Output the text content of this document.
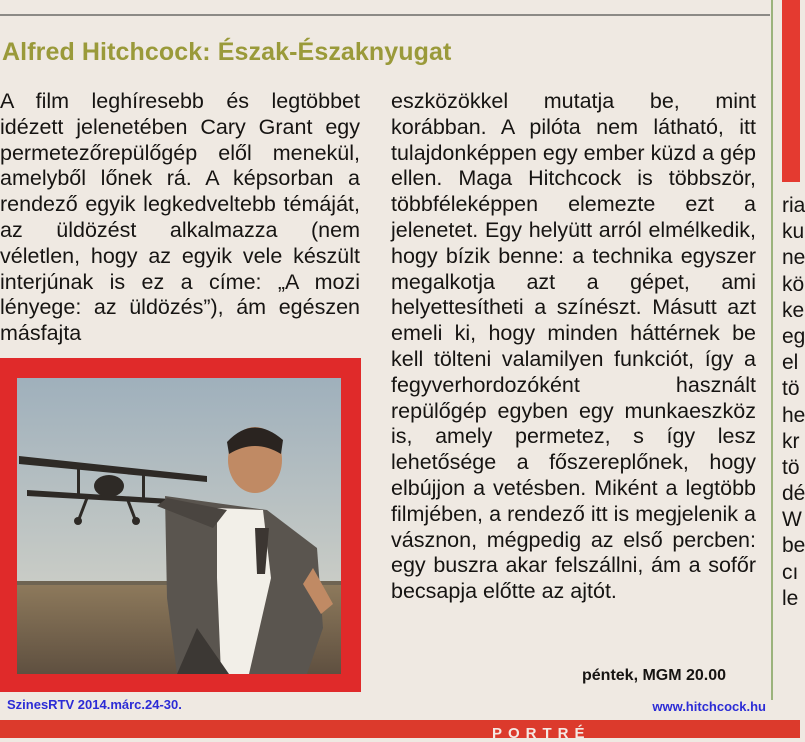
Alfred Hitchcock: Észak-Északnyugat

A film leghíresebb és legtöbbet idézett jelenetében Cary Grant egy permetezőrepülőgép elől menekül, amelyből lőnek rá. A képsorban a rendező egyik legkedveltebb témáját, az üldözést alkalmazza (nem véletlen, hogy az egyik vele készült interjúnak is ez a címe: „A mozi lényege: az üldözés”), ám egészen másfajta

eszközökkel mutatja be, mint korábban. A pilóta nem látható, itt tulajdonképpen egy ember küzd a gép ellen. Maga Hitchcock is többször, többféleképpen elemezte ezt a jelenetet. Egy helyütt arról elmélkedik, hogy bízik benne: a technika egyszer megalkotja azt a gépet, ami helyettesítheti a színészt. Másutt azt emeli ki, hogy minden háttérnek be kell tölteni valamilyen funkciót, így a fegyverhordozóként használt repülőgép egyben egy munkaeszköz is, amely permetez, s így lesz lehetősége a főszereplőnek, hogy elbújjon a vetésben. Miként a legtöbb filmjében, a rendező itt is megjelenik a vásznon, mégpedig az első percben: egy buszra akar felszállni, ám a sofőr becsapja előtte az ajtót.

péntek, MGM 20.00
ria
ku
ne
kö
ke
eg
el
tö
he
kr
tö
dé
W
be
cı
le
SzinesRTV 2014.márc.24-30.	www.hitchcock.hu
PORTRÉ
